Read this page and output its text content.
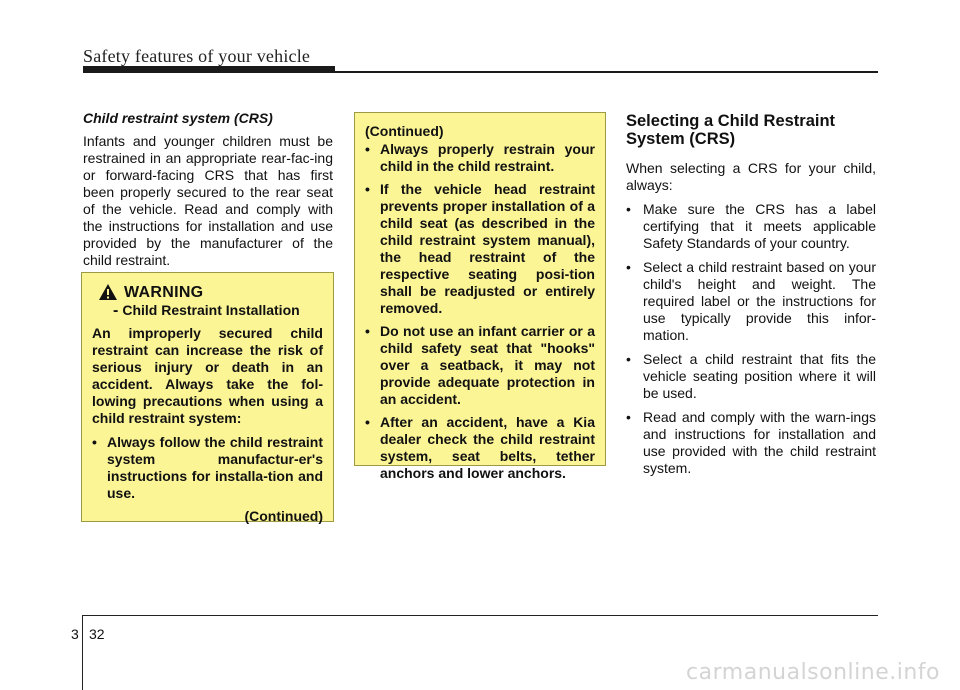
Safety features of your vehicle
Child restraint system (CRS)

Infants and younger children must be restrained in an appropriate rear-fac-ing or forward-facing CRS that has first been properly secured to the rear seat of the vehicle. Read and comply with the instructions for installation and use provided by the manufacturer of the child restraint.

WARNING
- Child Restraint Installation

An improperly secured child restraint can increase the risk of serious injury or death in an accident. Always take the fol-lowing precautions when using a child restraint system:

• Always follow the child restraint system manufactur-er's instructions for installa-tion and use.
(Continued)
(Continued)
• Always properly restrain your child in the child restraint.
• If the vehicle head restraint prevents proper installation of a child seat (as described in the child restraint system manual), the head restraint of the respective seating posi-tion shall be readjusted or entirely removed.
• Do not use an infant carrier or a child safety seat that "hooks" over a seatback, it may not provide adequate protection in an accident.
• After an accident, have a Kia dealer check the child restraint system, seat belts, tether anchors and lower anchors.
Selecting a Child Restraint System (CRS)

When selecting a CRS for your child, always:

• Make sure the CRS has a label certifying that it meets applicable Safety Standards of your country.
• Select a child restraint based on your child's height and weight. The required label or the instructions for use typically provide this infor-mation.
• Select a child restraint that fits the vehicle seating position where it will be used.
• Read and comply with the warn-ings and instructions for installation and use provided with the child restraint system.
3 32
carmanualsonline.info
